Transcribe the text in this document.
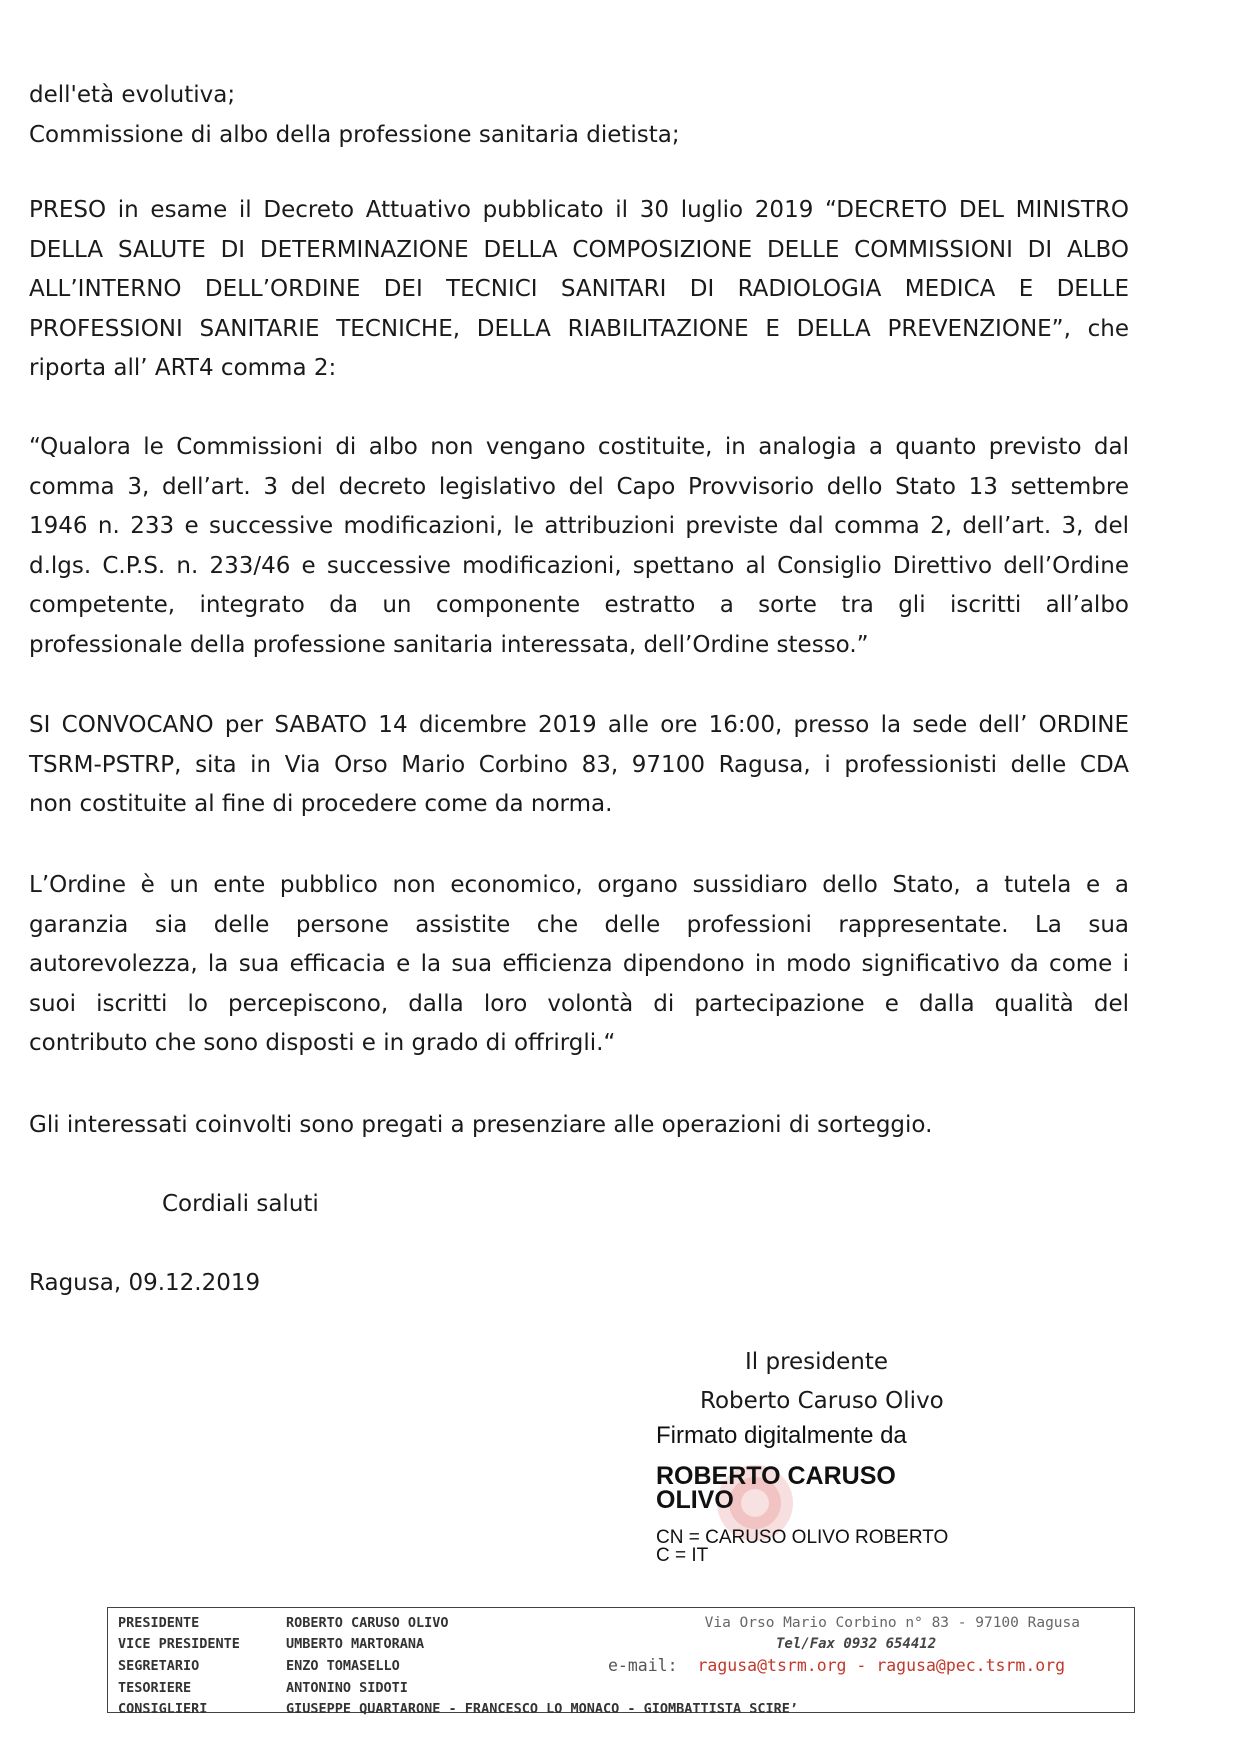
dell'età evolutiva;
Commissione di albo della professione sanitaria dietista;
PRESO in esame il Decreto Attuativo pubblicato il 30 luglio 2019 “DECRETO DEL MINISTRO
DELLA SALUTE DI DETERMINAZIONE DELLA COMPOSIZIONE DELLE COMMISSIONI DI ALBO
ALL’INTERNO DELL’ORDINE DEI TECNICI SANITARI DI RADIOLOGIA MEDICA E DELLE
PROFESSIONI SANITARIE TECNICHE, DELLA RIABILITAZIONE E DELLA PREVENZIONE”, che
riporta all’ ART4 comma 2:
“Qualora le Commissioni di albo non vengano costituite, in analogia a quanto previsto dal
comma 3, dell’art. 3 del decreto legislativo del Capo Provvisorio dello Stato 13 settembre
1946 n. 233 e successive modificazioni, le attribuzioni previste dal comma 2, dell’art. 3, del
d.lgs. C.P.S. n. 233/46 e successive modificazioni, spettano al Consiglio Direttivo dell’Ordine
competente, integrato da un componente estratto a sorte tra gli iscritti all’albo
professionale della professione sanitaria interessata, dell’Ordine stesso.”
SI CONVOCANO per SABATO 14 dicembre 2019 alle ore 16:00, presso la sede dell’ ORDINE
TSRM-PSTRP, sita in Via Orso Mario Corbino 83, 97100 Ragusa, i professionisti delle CDA
non costituite al fine di procedere come da norma.
L’Ordine è un ente pubblico non economico, organo sussidiaro dello Stato, a tutela e a
garanzia sia delle persone assistite che delle professioni rappresentate. La sua
autorevolezza, la sua efficacia e la sua efficienza dipendono in modo significativo da come i
suoi iscritti lo percepiscono, dalla loro volontà di partecipazione e dalla qualità del
contributo che sono disposti e in grado di offrirgli.“
Gli interessati coinvolti sono pregati a presenziare alle operazioni di sorteggio.
Cordiali saluti
Ragusa, 09.12.2019
Il presidente
Roberto Caruso Olivo
Firmato digitalmente da
ROBERTO CARUSO OLIVO
CN = CARUSO OLIVO ROBERTO
C = IT
PRESIDENTE	ROBERTO CARUSO OLIVO
VICE PRESIDENTE	UMBERTO MARTORANA
SEGRETARIO	ENZO TOMASELLO
TESORIERE	ANTONINO SIDOTI
CONSIGLIERI	GIUSEPPE QUARTARONE - FRANCESCO LO MONACO - GIOMBATTISTA SCIRE’
Via Orso Mario Corbino n° 83 - 97100 Ragusa
Tel/Fax 0932 654412
e-mail: ragusa@tsrm.org - ragusa@pec.tsrm.org
